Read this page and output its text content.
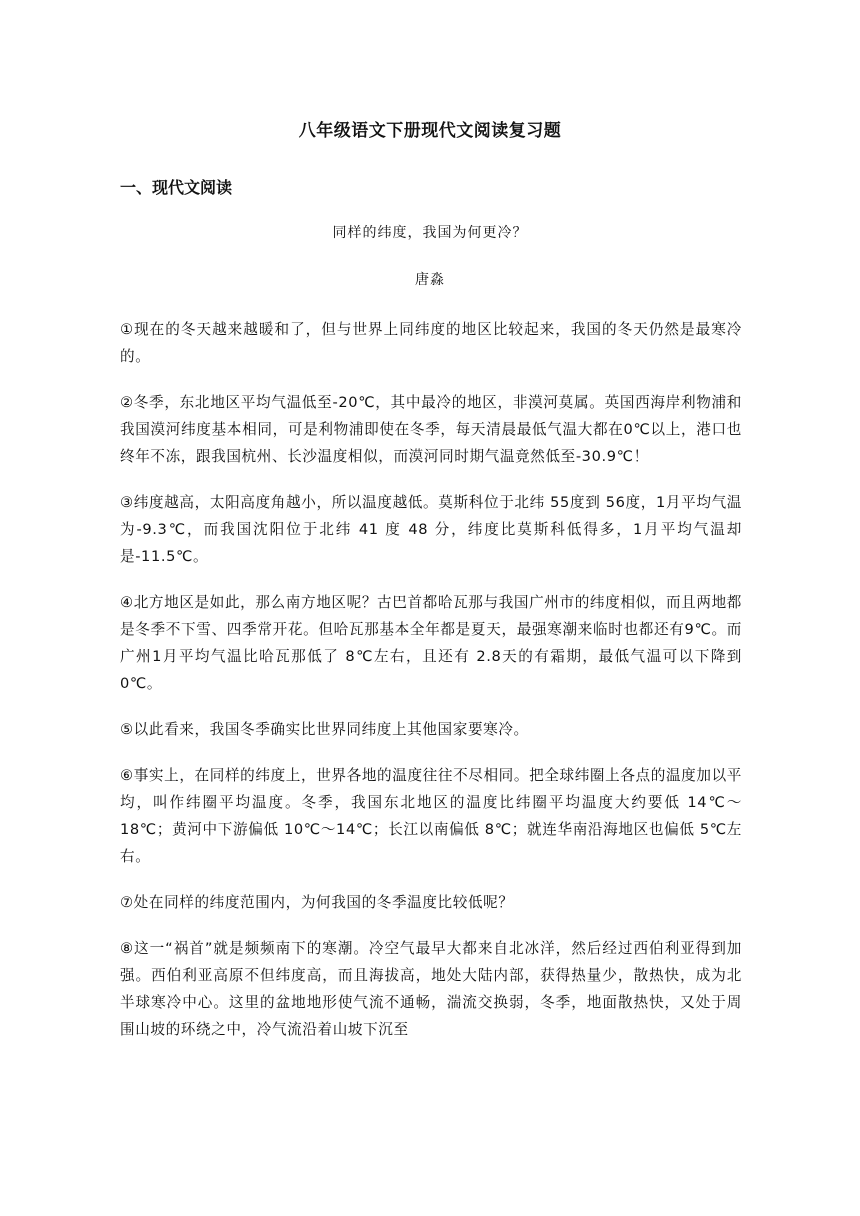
八年级语文下册现代文阅读复习题
一、现代文阅读
同样的纬度，我国为何更冷？
唐淼

①现在的冬天越来越暖和了，但与世界上同纬度的地区比较起来，我国的冬天仍然是最寒冷的。

②冬季，东北地区平均气温低至-20℃，其中最冷的地区，非漠河莫属。英国西海岸利物浦和我国漠河纬度基本相同，可是利物浦即使在冬季，每天清晨最低气温大都在0℃以上，港口也终年不冻，跟我国杭州、长沙温度相似，而漠河同时期气温竟然低至-30.9℃！

③纬度越高，太阳高度角越小，所以温度越低。莫斯科位于北纬 55度到 56度，1月平均气温为-9.3℃，而我国沈阳位于北纬 41 度 48 分，纬度比莫斯科低得多，1月平均气温却是-11.5℃。

④北方地区是如此，那么南方地区呢？古巴首都哈瓦那与我国广州市的纬度相似，而且两地都是冬季不下雪、四季常开花。但哈瓦那基本全年都是夏天，最强寒潮来临时也都还有9℃。而广州1月平均气温比哈瓦那低了 8℃左右，且还有 2.8天的有霜期，最低气温可以下降到0℃。

⑤以此看来，我国冬季确实比世界同纬度上其他国家要寒冷。

⑥事实上，在同样的纬度上，世界各地的温度往往不尽相同。把全球纬圈上各点的温度加以平均，叫作纬圈平均温度。冬季，我国东北地区的温度比纬圈平均温度大约要低 14℃～18℃；黄河中下游偏低 10℃～14℃；长江以南偏低 8℃；就连华南沿海地区也偏低 5℃左右。

⑦处在同样的纬度范围内，为何我国的冬季温度比较低呢？

⑧这一“祸首”就是频频南下的寒潮。冷空气最早大都来自北冰洋，然后经过西伯利亚得到加强。西伯利亚高原不但纬度高，而且海拔高，地处大陆内部，获得热量少，散热快，成为北半球寒冷中心。这里的盆地地形使气流不通畅，湍流交换弱，冬季，地面散热快，又处于周围山坡的环绕之中，冷气流沿着山坡下沉至
